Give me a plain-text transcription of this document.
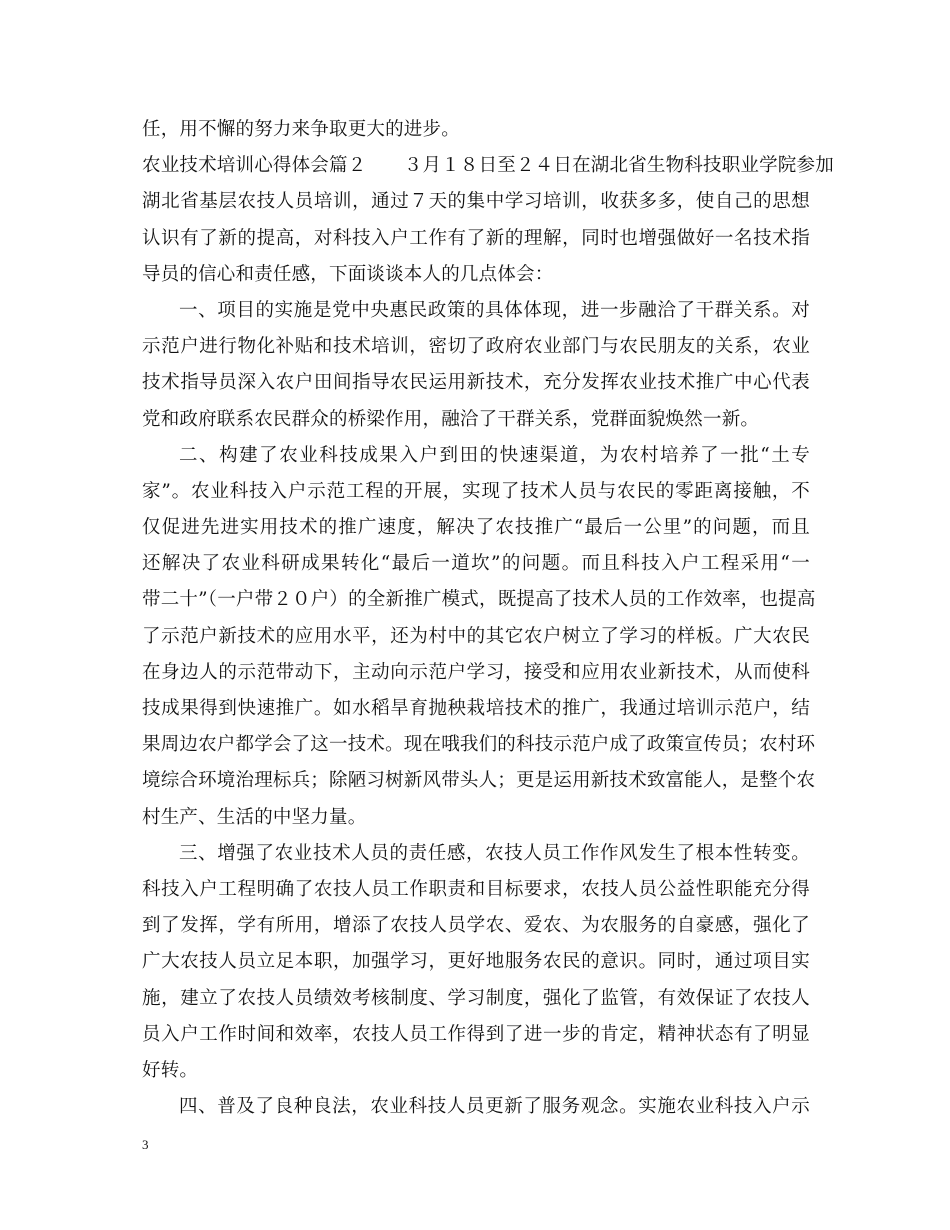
任，用不懈的努力来争取更大的进步。
农业技术培训心得体会篇２　　３月１８日至２４日在湖北省生物科技职业学院参加
湖北省基层农技人员培训，通过７天的集中学习培训，收获多多，使自己的思想
认识有了新的提高，对科技入户工作有了新的理解，同时也增强做好一名技术指
导员的信心和责任感，下面谈谈本人的几点体会：
一、项目的实施是党中央惠民政策的具体体现，进一步融洽了干群关系。对
示范户进行物化补贴和技术培训，密切了政府农业部门与农民朋友的关系，农业
技术指导员深入农户田间指导农民运用新技术，充分发挥农业技术推广中心代表
党和政府联系农民群众的桥梁作用，融洽了干群关系，党群面貌焕然一新。
二、构建了农业科技成果入户到田的快速渠道，为农村培养了一批“土专
家”。农业科技入户示范工程的开展，实现了技术人员与农民的零距离接触，不
仅促进先进实用技术的推广速度，解决了农技推广“最后一公里”的问题，而且
还解决了农业科研成果转化“最后一道坎”的问题。而且科技入户工程采用“一
带二十”（一户带２０户）的全新推广模式，既提高了技术人员的工作效率，也提高
了示范户新技术的应用水平，还为村中的其它农户树立了学习的样板。广大农民
在身边人的示范带动下，主动向示范户学习，接受和应用农业新技术，从而使科
技成果得到快速推广。如水稻旱育抛秧栽培技术的推广，我通过培训示范户，结
果周边农户都学会了这一技术。现在哦我们的科技示范户成了政策宣传员；农村环
境综合环境治理标兵；除陋习树新风带头人；更是运用新技术致富能人，是整个农
村生产、生活的中坚力量。
三、增强了农业技术人员的责任感，农技人员工作作风发生了根本性转变。
科技入户工程明确了农技人员工作职责和目标要求，农技人员公益性职能充分得
到了发挥，学有所用，增添了农技人员学农、爱农、为农服务的自豪感，强化了
广大农技人员立足本职，加强学习，更好地服务农民的意识。同时，通过项目实
施，建立了农技人员绩效考核制度、学习制度，强化了监管，有效保证了农技人
员入户工作时间和效率，农技人员工作得到了进一步的肯定，精神状态有了明显
好转。
四、普及了良种良法，农业科技人员更新了服务观念。实施农业科技入户示
3
